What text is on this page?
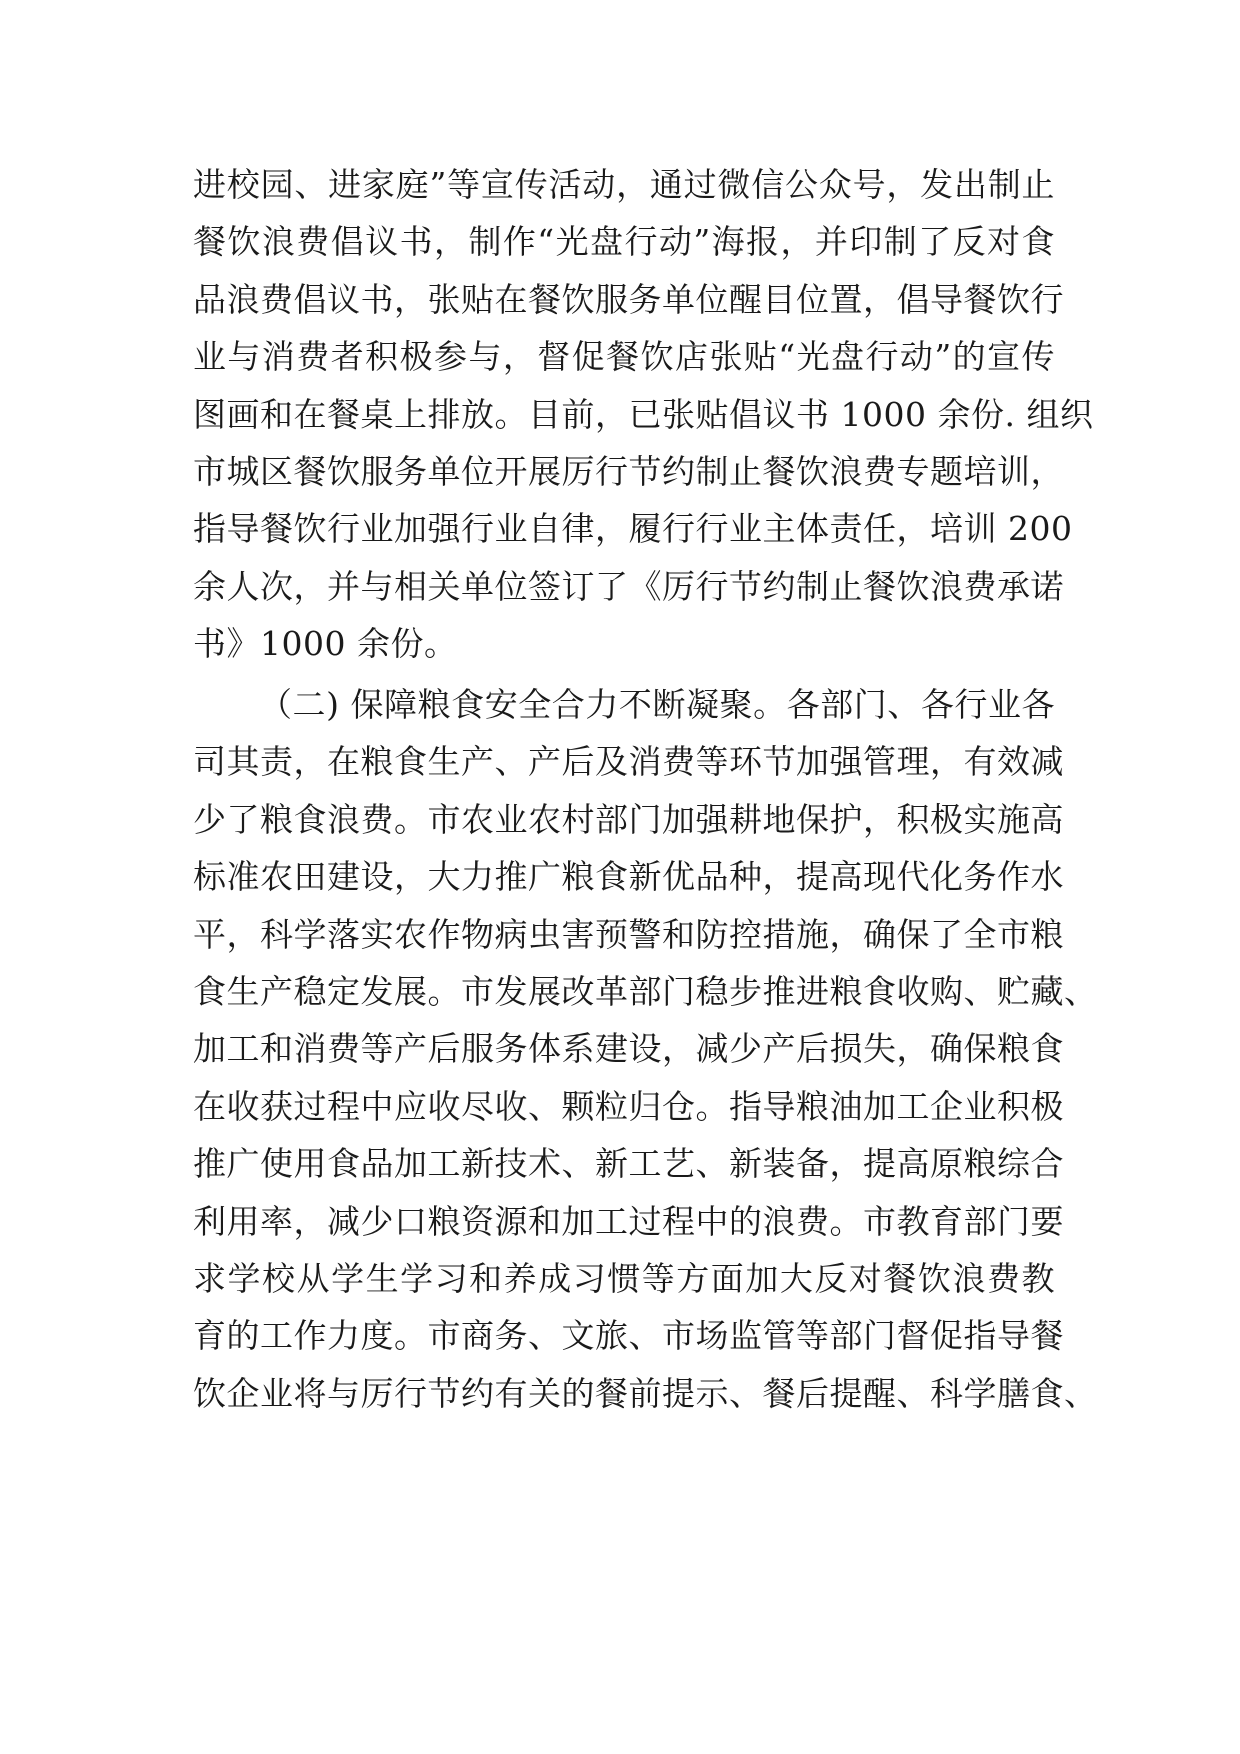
进校园、进家庭”等宣传活动，通过微信公众号，发出制止
餐饮浪费倡议书，制作“光盘行动”海报，并印制了反对食
品浪费倡议书，张贴在餐饮服务单位醒目位置，倡导餐饮行
业与消费者积极参与，督促餐饮店张贴“光盘行动”的宣传
图画和在餐桌上排放。目前，已张贴倡议书 1000 余份. 组织
市城区餐饮服务单位开展厉行节约制止餐饮浪费专题培训，
指导餐饮行业加强行业自律，履行行业主体责任，培训 200
余人次，并与相关单位签订了《厉行节约制止餐饮浪费承诺
书》1000 余份。
（二) 保障粮食安全合力不断凝聚。各部门、各行业各
司其责，在粮食生产、产后及消费等环节加强管理，有效减
少了粮食浪费。市农业农村部门加强耕地保护，积极实施高
标准农田建设，大力推广粮食新优品种，提高现代化务作水
平，科学落实农作物病虫害预警和防控措施，确保了全市粮
食生产稳定发展。市发展改革部门稳步推进粮食收购、贮藏、
加工和消费等产后服务体系建设，减少产后损失，确保粮食
在收获过程中应收尽收、颗粒归仓。指导粮油加工企业积极
推广使用食品加工新技术、新工艺、新装备，提高原粮综合
利用率，减少口粮资源和加工过程中的浪费。市教育部门要
求学校从学生学习和养成习惯等方面加大反对餐饮浪费教
育的工作力度。市商务、文旅、市场监管等部门督促指导餐
饮企业将与厉行节约有关的餐前提示、餐后提醒、科学膳食、
